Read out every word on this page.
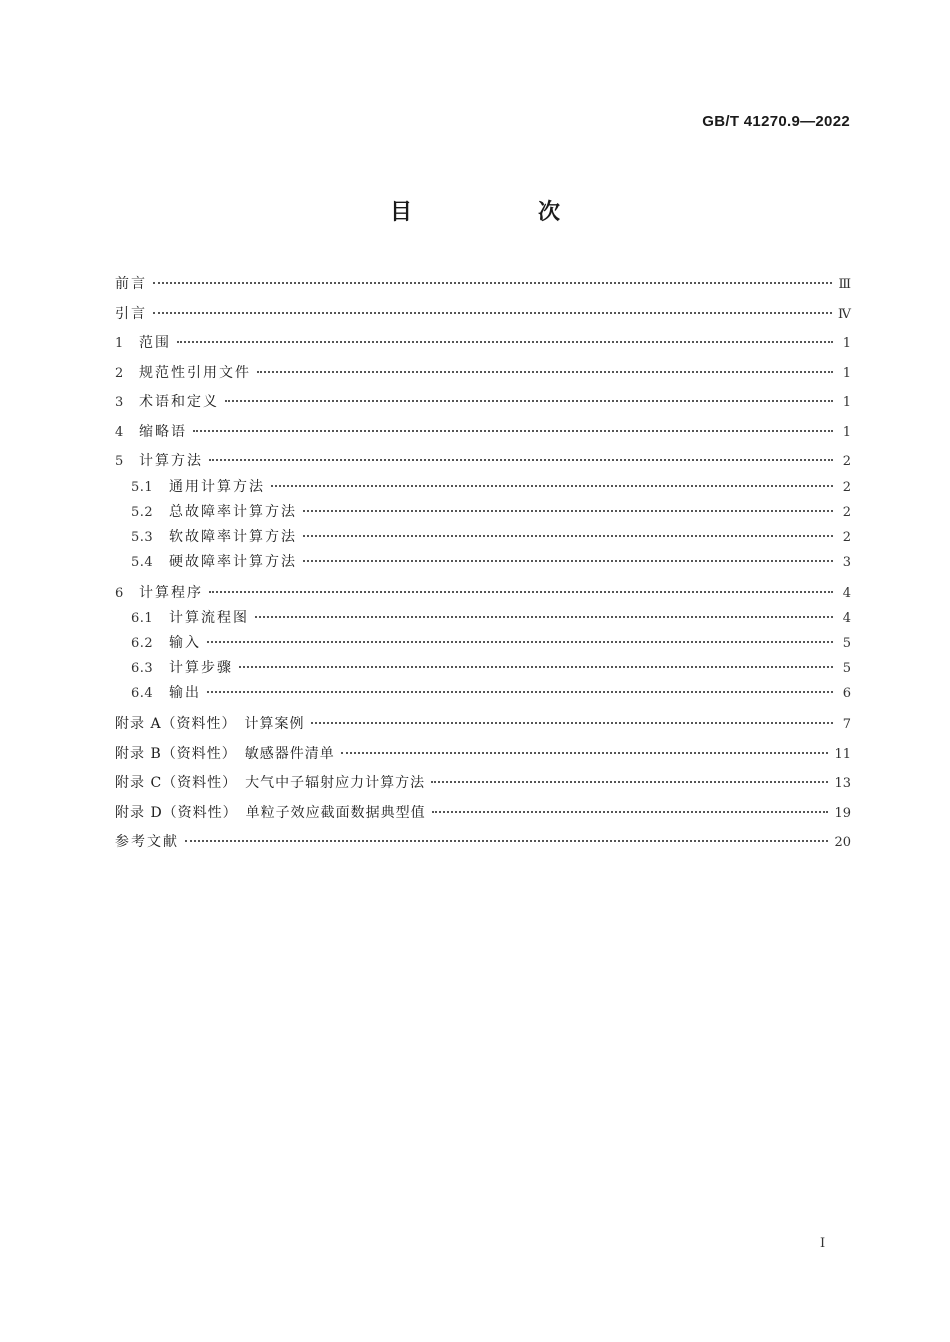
GB/T 41270.9—2022
目　次
前言	Ⅲ
引言	Ⅳ
1	范围	1
2	规范性引用文件	1
3	术语和定义	1
4	缩略语	1
5	计算方法	2
5.1	通用计算方法	2
5.2	总故障率计算方法	2
5.3	软故障率计算方法	2
5.4	硬故障率计算方法	3
6	计算程序	4
6.1	计算流程图	4
6.2	输入	5
6.3	计算步骤	5
6.4	输出	6
附录 A（资料性）　计算案例	7
附录 B（资料性）　敏感器件清单	11
附录 C（资料性）　大气中子辐射应力计算方法	13
附录 D（资料性）　单粒子效应截面数据典型值	19
参考文献	20
I
